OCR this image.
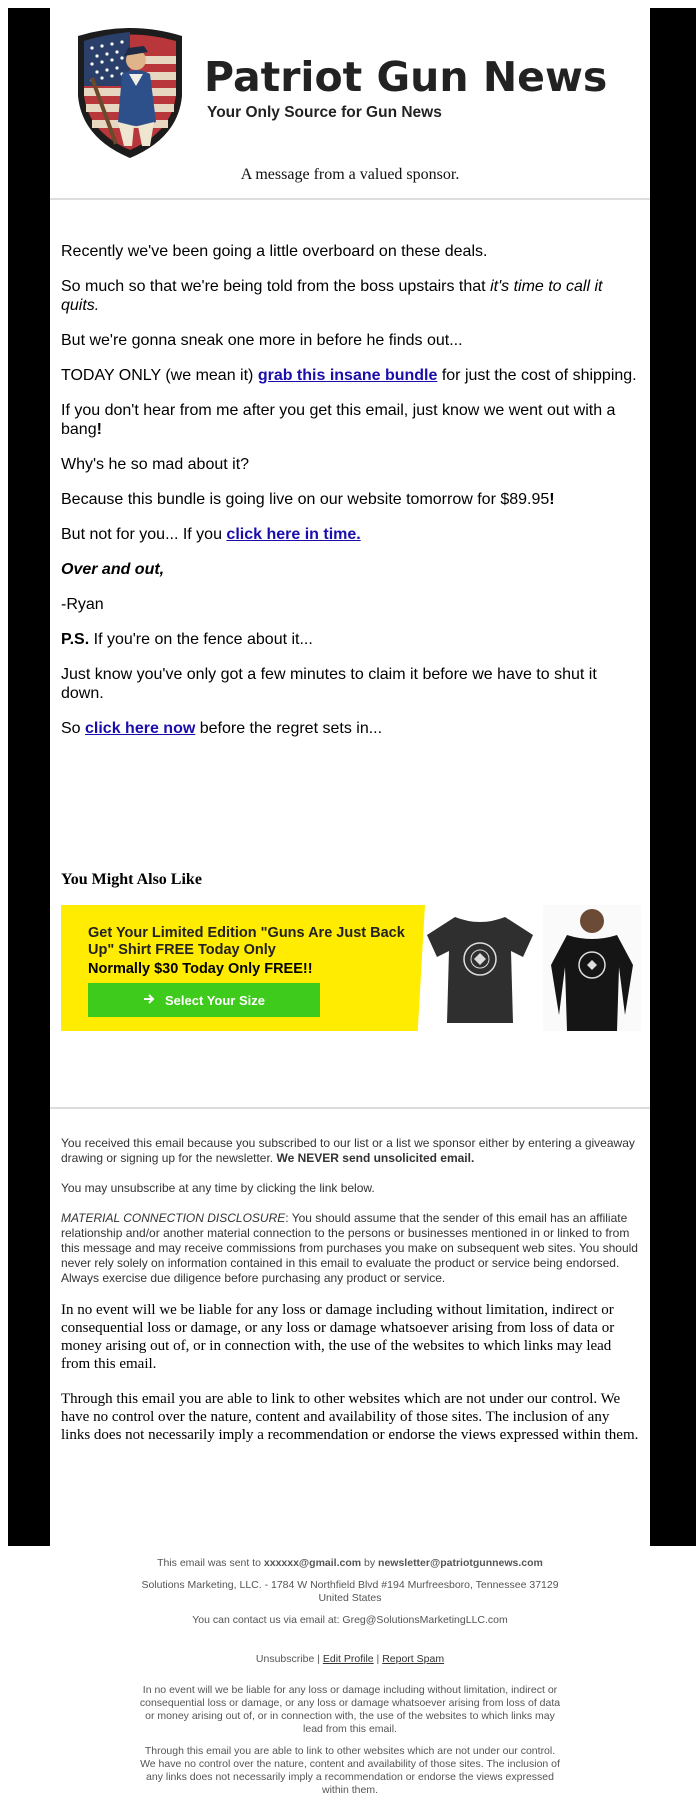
Patriot Gun News
Your Only Source for Gun News
A message from a valued sponsor.

Recently we've been going a little overboard on these deals.

So much so that we're being told from the boss upstairs that it's time to call it quits.

But we're gonna sneak one more in before he finds out...

TODAY ONLY (we mean it) grab this insane bundle for just the cost of shipping.

If you don't hear from me after you get this email, just know we went out with a bang!

Why's he so mad about it?

Because this bundle is going live on our website tomorrow for $89.95!

But not for you... If you click here in time.

Over and out,

-Ryan

P.S. If you're on the fence about it...

Just know you've only got a few minutes to claim it before we have to shut it down.

So click here now before the regret sets in...

You Might Also Like
Get Your Limited Edition "Guns Are Just Back Up" Shirt FREE Today Only
Normally $30 Today Only FREE!!
Select Your Size

You received this email because you subscribed to our list or a list we sponsor either by entering a giveaway drawing or signing up for the newsletter. We NEVER send unsolicited email.

You may unsubscribe at any time by clicking the link below.

MATERIAL CONNECTION DISCLOSURE: You should assume that the sender of this email has an affiliate relationship and/or another material connection to the persons or businesses mentioned in or linked to from this message and may receive commissions from purchases you make on subsequent web sites. You should never rely solely on information contained in this email to evaluate the product or service being endorsed. Always exercise due diligence before purchasing any product or service.

In no event will we be liable for any loss or damage including without limitation, indirect or consequential loss or damage, or any loss or damage whatsoever arising from loss of data or money arising out of, or in connection with, the use of the websites to which links may lead from this email.

Through this email you are able to link to other websites which are not under our control. We have no control over the nature, content and availability of those sites. The inclusion of any links does not necessarily imply a recommendation or endorse the views expressed within them.

This email was sent to xxxxxx@gmail.com by newsletter@patriotgunnews.com

Solutions Marketing, LLC. - 1784 W Northfield Blvd #194 Murfreesboro, Tennessee 37129 United States

You can contact us via email at: Greg@SolutionsMarketingLLC.com

Unsubscribe | Edit Profile | Report Spam

In no event will we be liable for any loss or damage including without limitation, indirect or consequential loss or damage, or any loss or damage whatsoever arising from loss of data or money arising out of, or in connection with, the use of the websites to which links may lead from this email.

Through this email you are able to link to other websites which are not under our control. We have no control over the nature, content and availability of those sites. The inclusion of any links does not necessarily imply a recommendation or endorse the views expressed within them.
